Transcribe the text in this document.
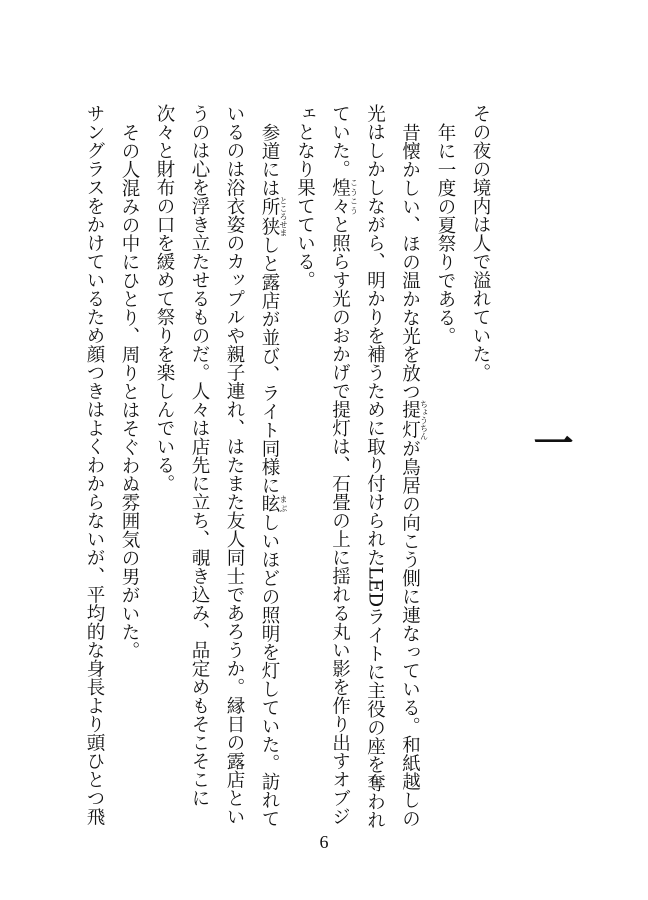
一

その夜の境内は人で溢れていた。

年に一度の夏祭りである。

昔懐かしい、ほの温かな光を放つ提灯 ちょうちんが鳥居の向こう側に連なっている。和紙越しの光はしかしながら、明かりを補うために取り付けられたLEDライトに主役の座を奪われていた。煌々 こうこうと照らす光のおかげで提灯は、石畳の上に揺れる丸い影を作り出すオブジェとなり果てている。

参道には所狭 ところせましと露店が並び、ライト同様に眩 まぶしいほどの照明を灯していた。訪れているのは浴衣姿のカップルや親子連れ、はたまた友人同士であろうか。縁日の露店というのは心を浮き立たせるものだ。人々は店先に立ち、覗き込み、品定めもそこそこに次々と財布の口を緩めて祭りを楽しんでいる。

その人混みの中にひとり、周りとはそぐわぬ雰囲気の男がいた。

サングラスをかけているため顔つきはよくわからないが、平均的な身長より頭ひとつ飛

6
